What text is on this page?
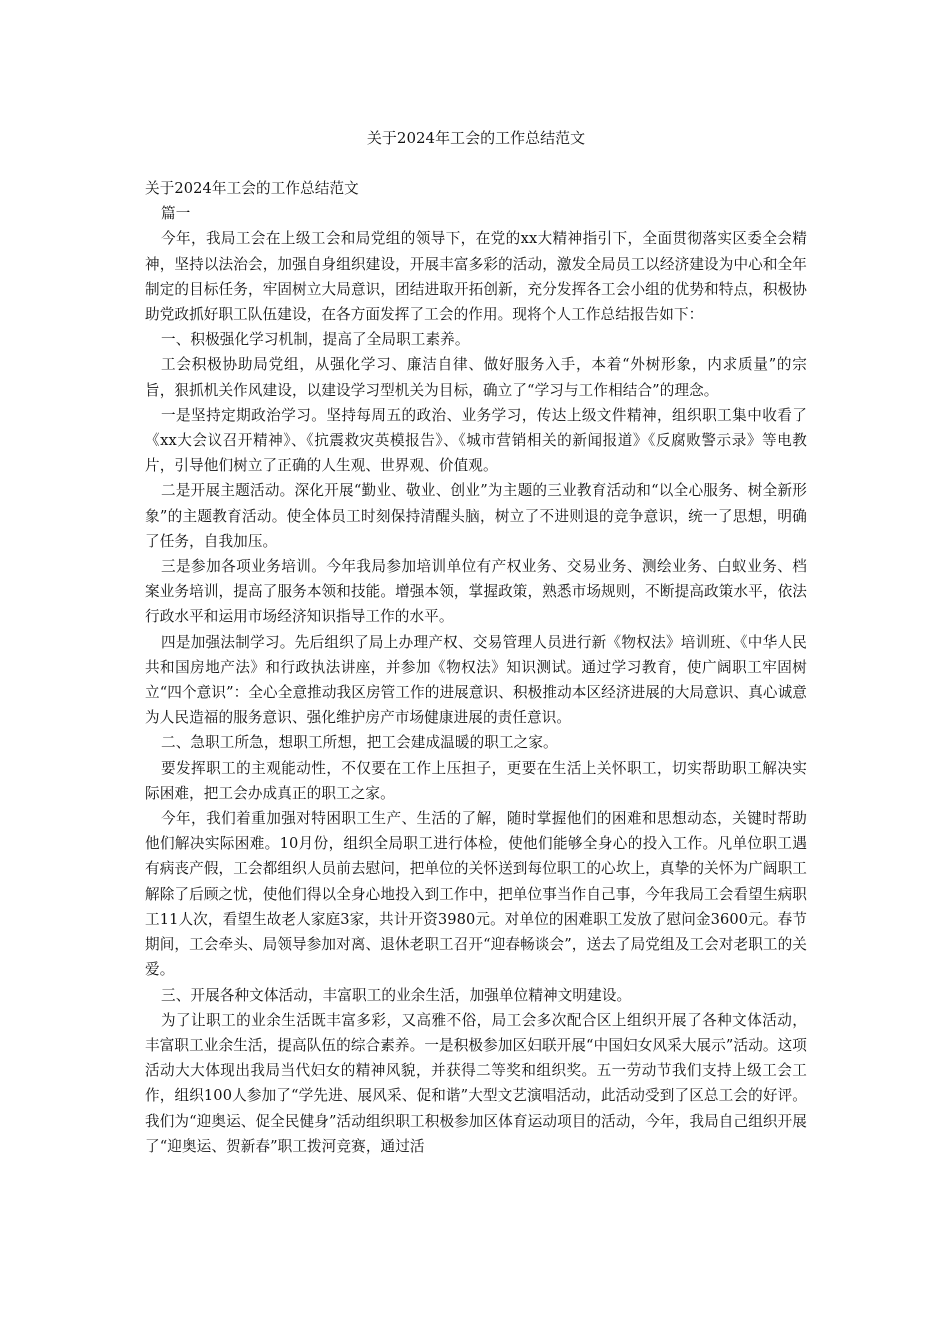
关于2024年工会的工作总结范文

关于2024年工会的工作总结范文

篇一

今年，我局工会在上级工会和局党组的领导下，在党的xx大精神指引下，全面贯彻落实区委全会精神，坚持以法治会，加强自身组织建设，开展丰富多彩的活动，激发全局员工以经济建设为中心和全年制定的目标任务，牢固树立大局意识，团结进取开拓创新，充分发挥各工会小组的优势和特点，积极协助党政抓好职工队伍建设，在各方面发挥了工会的作用。现将个人工作总结报告如下：

一、积极强化学习机制，提高了全局职工素养。

工会积极协助局党组，从强化学习、廉洁自律、做好服务入手，本着“外树形象，内求质量”的宗旨，狠抓机关作风建设，以建设学习型机关为目标，确立了“学习与工作相结合”的理念。

一是坚持定期政治学习。坚持每周五的政治、业务学习，传达上级文件精神，组织职工集中收看了《xx大会议召开精神》、《抗震救灾英模报告》、《城市营销相关的新闻报道》《反腐败警示录》等电教片，引导他们树立了正确的人生观、世界观、价值观。

二是开展主题活动。深化开展“勤业、敬业、创业”为主题的三业教育活动和“以全心服务、树全新形象”的主题教育活动。使全体员工时刻保持清醒头脑，树立了不进则退的竞争意识，统一了思想，明确了任务，自我加压。

三是参加各项业务培训。今年我局参加培训单位有产权业务、交易业务、测绘业务、白蚁业务、档案业务培训，提高了服务本领和技能。增强本领，掌握政策，熟悉市场规则，不断提高政策水平，依法行政水平和运用市场经济知识指导工作的水平。

四是加强法制学习。先后组织了局上办理产权、交易管理人员进行新《物权法》培训班、《中华人民共和国房地产法》和行政执法讲座，并参加《物权法》知识测试。通过学习教育，使广阔职工牢固树立“四个意识”：全心全意推动我区房管工作的进展意识、积极推动本区经济进展的大局意识、真心诚意为人民造福的服务意识、强化维护房产市场健康进展的责任意识。

二、急职工所急，想职工所想，把工会建成温暖的职工之家。

要发挥职工的主观能动性，不仅要在工作上压担子，更要在生活上关怀职工，切实帮助职工解决实际困难，把工会办成真正的职工之家。

今年，我们着重加强对特困职工生产、生活的了解，随时掌握他们的困难和思想动态，关键时帮助他们解决实际困难。10月份，组织全局职工进行体检，使他们能够全身心的投入工作。凡单位职工遇有病丧产假，工会都组织人员前去慰问，把单位的关怀送到每位职工的心坎上，真挚的关怀为广阔职工解除了后顾之忧，使他们得以全身心地投入到工作中，把单位事当作自己事，今年我局工会看望生病职工11人次，看望生故老人家庭3家，共计开资3980元。对单位的困难职工发放了慰问金3600元。春节期间，工会牵头、局领导参加对离、退休老职工召开“迎春畅谈会”，送去了局党组及工会对老职工的关爱。

三、开展各种文体活动，丰富职工的业余生活，加强单位精神文明建设。

为了让职工的业余生活既丰富多彩，又高雅不俗，局工会多次配合区上组织开展了各种文体活动，丰富职工业余生活，提高队伍的综合素养。一是积极参加区妇联开展“中国妇女风采大展示”活动。这项活动大大体现出我局当代妇女的精神风貌，并获得二等奖和组织奖。五一劳动节我们支持上级工会工作，组织100人参加了“学先进、展风采、促和谐”大型文艺演唱活动，此活动受到了区总工会的好评。我们为“迎奥运、促全民健身”活动组织职工积极参加区体育运动项目的活动，今年，我局自己组织开展了“迎奥运、贺新春”职工拨河竞赛，通过活
